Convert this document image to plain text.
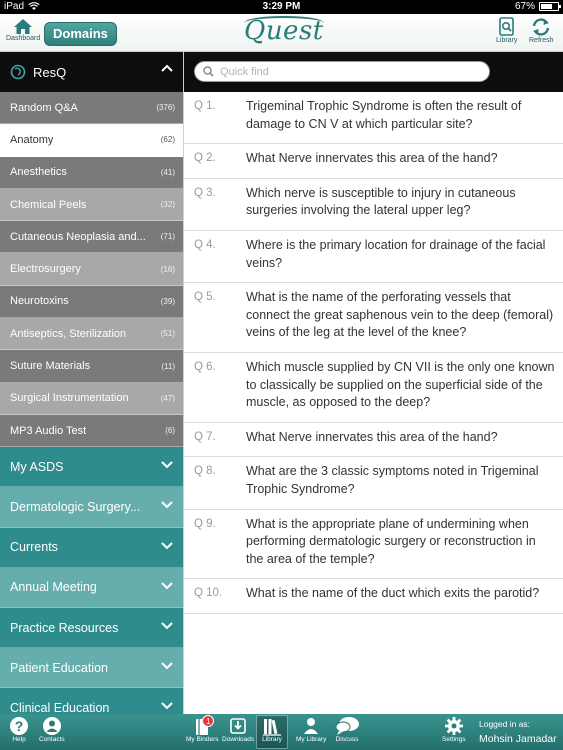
iPad	3:29 PM	67%
Dashboard Domains	Quest	Library Refresh
ResQ
Random Q&A	(376)
Anatomy	(62)
Anesthetics	(41)
Chemical Peels	(32)
Cutaneous Neoplasia and... (71)
Electrosurgery	(16)
Neurotoxins	(39)
Antiseptics, Sterilization	(51)
Suture Materials	(11)
Surgical Instrumentation	(47)
MP3 Audio Test	(6)
My ASDS
Dermatologic Surgery...
Currents
Annual Meeting
Practice Resources
Patient Education
Clinical Education
Quick find
Q 1. Trigeminal Trophic Syndrome is often the result of damage to CN V at which particular site?
Q 2. What Nerve innervates this area of the hand?
Q 3. Which nerve is susceptible to injury in cutaneous surgeries involving the lateral upper leg?
Q 4. Where is the primary location for drainage of the facial veins?
Q 5. What is the name of the perforating vessels that connect the great saphenous vein to the deep (femoral) veins of the leg at the level of the knee?
Q 6. Which muscle supplied by CN VII is the only one known to classically be supplied on the superficial side of the muscle, as opposed to the deep?
Q 7. What Nerve innervates this area of the hand?
Q 8. What are the 3 classic symptoms noted in Trigeminal Trophic Syndrome?
Q 9. What is the appropriate plane of undermining when performing dermatologic surgery or reconstruction in the area of the temple?
Q 10. What is the name of the duct which exits the parotid?
?
Help Contacts
1
My Binders Downloads Library My Library Discuss	Settings
Logged in as:
Mohsin Jamadar
